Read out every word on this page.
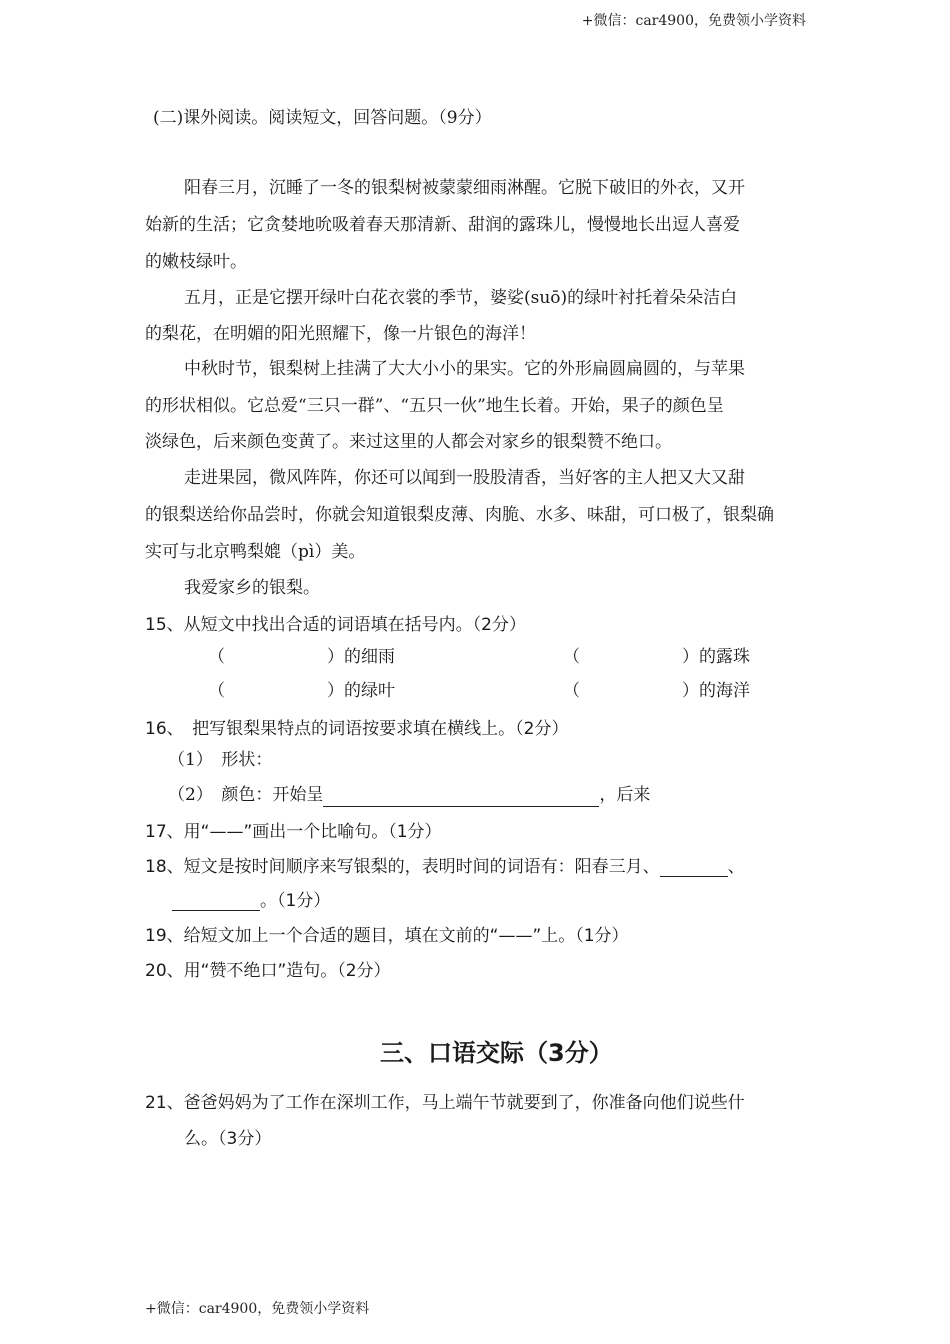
+微信：car4900，免费领小学资料
(二)课外阅读。阅读短文，回答问题。（9分）
阳春三月，沉睡了一冬的银梨树被蒙蒙细雨淋醒。它脱下破旧的外衣，又开
始新的生活；它贪婪地吮吸着春天那清新、甜润的露珠儿，慢慢地长出逗人喜爱
的嫩枝绿叶。
五月，正是它摆开绿叶白花衣裳的季节，婆娑(suō)的绿叶衬托着朵朵洁白
的梨花，在明媚的阳光照耀下，像一片银色的海洋！
中秋时节，银梨树上挂满了大大小小的果实。它的外形扁圆扁圆的，与苹果
的形状相似。它总爱“三只一群”、“五只一伙”地生长着。开始，果子的颜色呈
淡绿色，后来颜色变黄了。来过这里的人都会对家乡的银梨赞不绝口。
走进果园，微风阵阵，你还可以闻到一股股清香，当好客的主人把又大又甜
的银梨送给你品尝时，你就会知道银梨皮薄、肉脆、水多、味甜，可口极了，银梨确
实可与北京鸭梨媲（pì）美。
我爱家乡的银梨。
15、从短文中找出合适的词语填在括号内。（2分）
（　　　　　　）的细雨	（　　　　　　）的露珠
（　　　　　　）的绿叶	（　　　　　　）的海洋
16、　把写银梨果特点的词语按要求填在横线上。（2分）
（1）　形状：
（2）　颜色：开始呈	，后来
17、用“——”画出一个比喻句。（1分）
18、短文是按时间顺序来写银梨的，表明时间的词语有：阳春三月、	、
。（1分）
19、给短文加上一个合适的题目，填在文前的“——”上。（1分）
20、用“赞不绝口”造句。（2分）
三、口语交际（3分）
21、爸爸妈妈为了工作在深圳工作，马上端午节就要到了，你准备向他们说些什
么。（3分）
+微信：car4900，免费领小学资料
